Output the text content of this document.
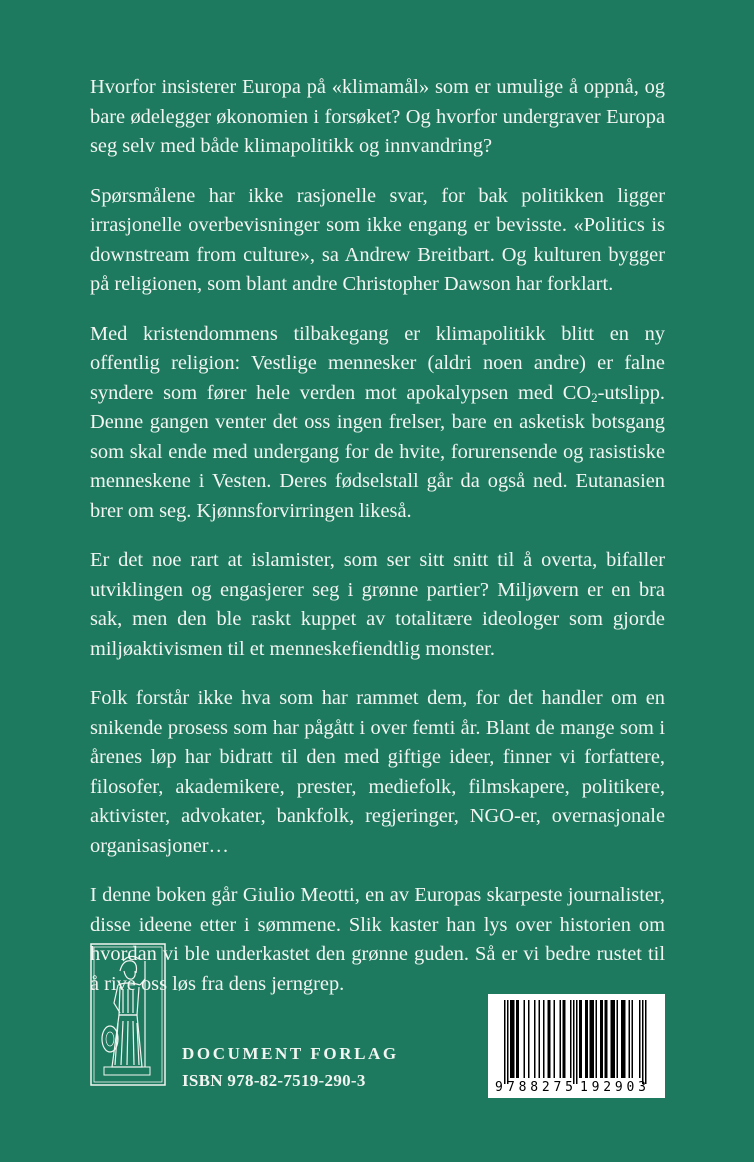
Hvorfor insisterer Europa på «klimamål» som er umulige å oppnå, og bare ødelegger økonomien i forsøket? Og hvorfor undergraver Europa seg selv med både klimapolitikk og innvandring?

Spørsmålene har ikke rasjonelle svar, for bak politikken ligger irrasjonelle overbevisninger som ikke engang er bevisste. «Politics is downstream from culture», sa Andrew Breitbart. Og kulturen bygger på religionen, som blant andre Christopher Dawson har forklart.

Med kristendommens tilbakegang er klimapolitikk blitt en ny offentlig religion: Vestlige mennesker (aldri noen andre) er falne syndere som fører hele verden mot apokalypsen med $CO_2$-utslipp. Denne gangen venter det oss ingen frelser, bare en asketisk botsgang som skal ende med undergang for de hvite, forurensende og rasistiske menneskene i Vesten. Deres fødselstall går da også ned. Eutanasien brer om seg. Kjønnsforvirringen likeså.

Er det noe rart at islamister, som ser sitt snitt til å overta, bifaller utviklingen og engasjerer seg i grønne partier? Miljøvern er en bra sak, men den ble raskt kuppet av totalitære ideologer som gjorde miljøaktivismen til et menneskefiendtlig monster.

Folk forstår ikke hva som har rammet dem, for det handler om en snikende prosess som har pågått i over femti år. Blant de mange som i årenes løp har bidratt til den med giftige ideer, finner vi forfattere, filosofer, akademikere, prester, mediefolk, filmskapere, politikere, aktivister, advokater, bankfolk, regjeringer, NGO-er, overnasjonale organisasjoner…

I denne boken går Giulio Meotti, en av Europas skarpeste journalister, disse ideene etter i sømmene. Slik kaster han lys over historien om hvordan vi ble underkastet den grønne guden. Så er vi bedre rustet til å rive oss løs fra dens jerngrep.

DOCUMENT FORLAG
ISBN 978-82-7519-290-3	9 788275 192903
